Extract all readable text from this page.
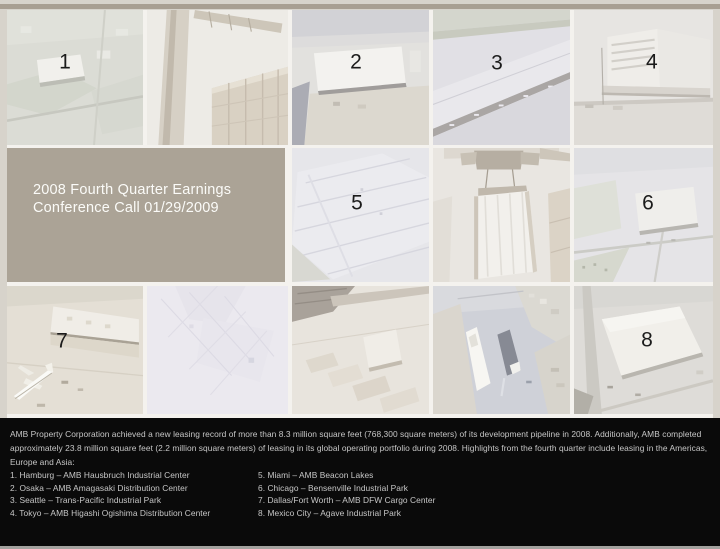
1	2	3	4
2008 Fourth Quarter Earnings
Conference Call 01/29/2009	5	6
7	8

AMB Property Corporation achieved a new leasing record of more than 8.3 million square feet (768,300 square meters) of its development pipeline in 2008. Additionally, AMB completed approximately 23.8 million square feet (2.2 million square meters) of leasing in its global operating portfolio during 2008. Highlights from the fourth quarter include leasing in the Americas, Europe and Asia:

1. Hamburg – AMB Hausbruch Industrial Center
2. Osaka – AMB Amagasaki Distribution Center
3. Seattle – Trans-Pacific Industrial Park
4. Tokyo – AMB Higashi Ogishima Distribution Center
5. Miami – AMB Beacon Lakes
6. Chicago – Bensenville Industrial Park
7. Dallas/Fort Worth – AMB DFW Cargo Center
8. Mexico City – Agave Industrial Park
